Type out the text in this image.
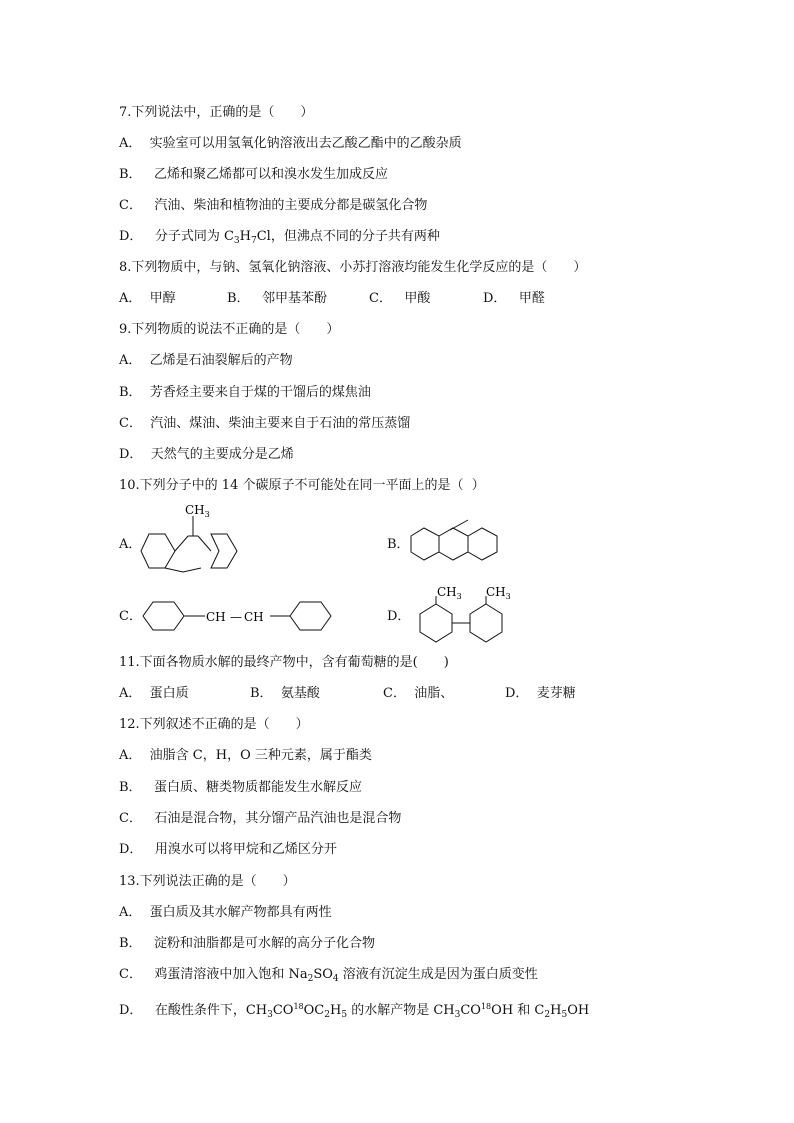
7.下列说法中，正确的是（　　）
A．  实验室可以用氢氧化钠溶液出去乙酸乙酯中的乙酸杂质
B．   乙烯和聚乙烯都可以和溴水发生加成反应
C．   汽油、柴油和植物油的主要成分都是碳氢化合物
D．   分子式同为 $C_3H_7Cl$，但沸点不同的分子共有两种
8.下列物质中，与钠、氢氧化钠溶液、小苏打溶液均能发生化学反应的是（　　）

A．  甲醇

	B．   邻甲基苯酚

	C．   甲酸

	D．   甲醛

9.下列物质的说法不正确的是（　　）
A．  乙烯是石油裂解后的产物
B．  芳香烃主要来自于煤的干馏后的煤焦油
C．  汽油、煤油、柴油主要来自于石油的常压蒸馏
D．  天然气的主要成分是乙烯
10.下列分子中的 14 个碳原子不可能处在同一平面上的是（  ）
A．
$CH_3$
B．
C．	CH — CH	D．
$CH_3$ $CH_3$
11.下面各物质水解的最终产物中，含有葡萄糖的是(　　)

A．  蛋白质

	B．  氨基酸

	C．  油脂、

	D．  麦芽糖

12.下列叙述不正确的是（　　）
A．  油脂含 C，H，O 三种元素，属于酯类
B．   蛋白质、糖类物质都能发生水解反应
C．   石油是混合物，其分馏产品汽油也是混合物
D．   用溴水可以将甲烷和乙烯区分开
13.下列说法正确的是（　　）
A．  蛋白质及其水解产物都具有两性
B．   淀粉和油脂都是可水解的高分子化合物
C．   鸡蛋清溶液中加入饱和 $Na_2SO_4$ 溶液有沉淀生成是因为蛋白质变性
D．   在酸性条件下，$CH_3CO^{18}OC_2H_5$ 的水解产物是 $CH_3CO^{18}OH$ 和 $C_2H_5OH$
